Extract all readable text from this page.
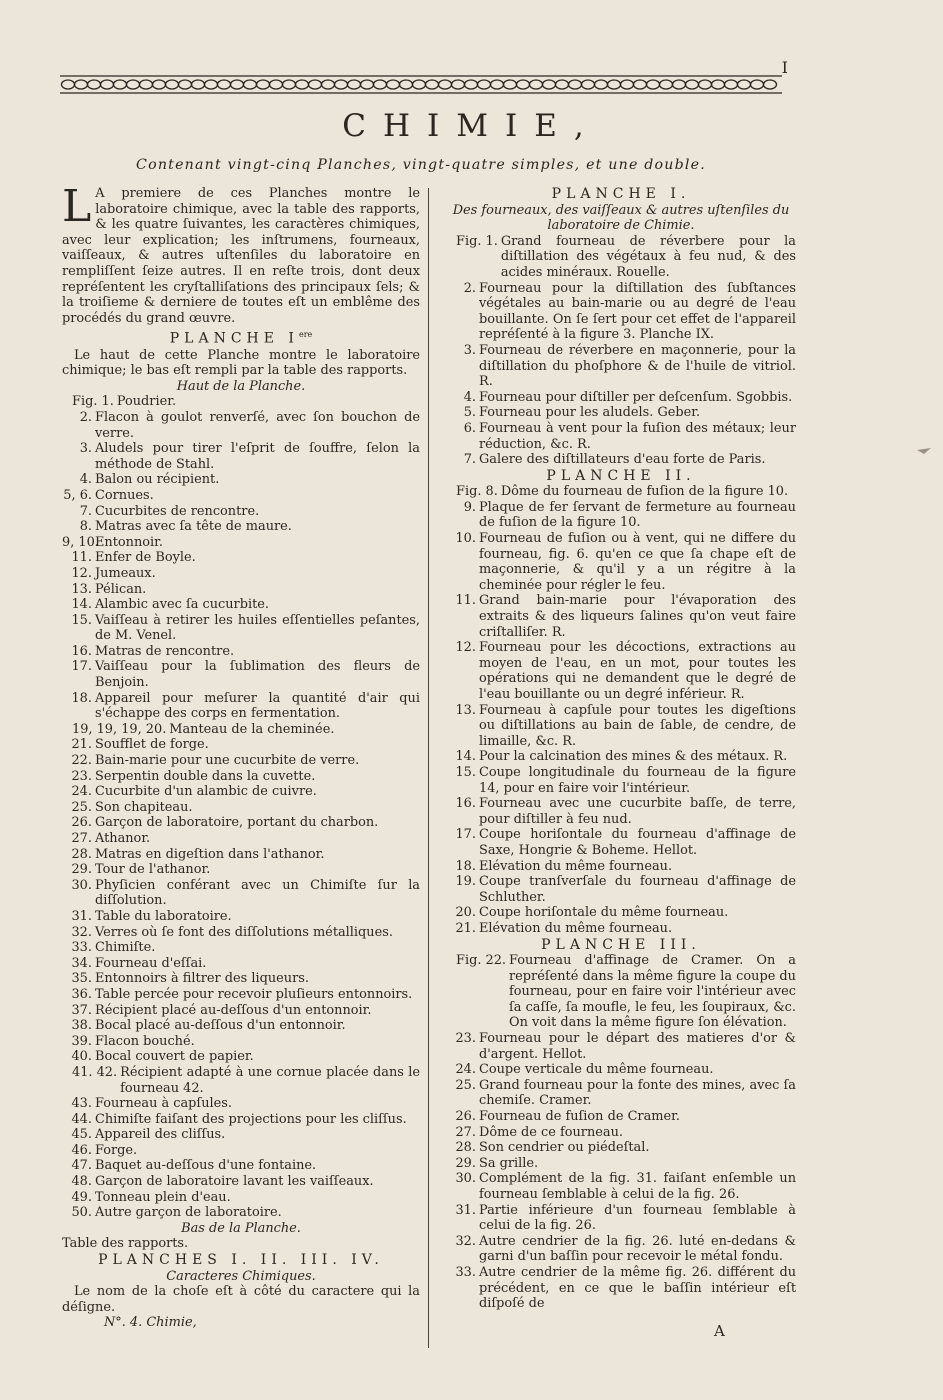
I
CHIMIE,
Contenant vingt-cinq Planches, vingt-quatre simples, et une double.

L A premiere de ces Planches montre le laboratoire chimique, avec la table des rapports, & les quatre ſuivantes, les caractères chimiques, avec leur explication; les inſtrumens, fourneaux, vaiſſeaux, & autres uſtenſiles du laboratoire en rempliſſent ſeize autres. Il en reſte trois, dont deux repréſentent les cryſtalliſations des principaux ſels; & la troiſieme & derniere de toutes eſt un emblême des procédés du grand œuvre.

PLANCHE Iere

Le haut de cette Planche montre le laboratoire chimique; le bas eſt rempli par la table des rapports.

Haut de la Planche.

Fig. 1. Poudrier.
2. Flacon à goulot renverſé, avec ſon bouchon de verre.
3. Aludels pour tirer l'eſprit de ſouffre, ſelon la méthode de Stahl.
4. Balon ou récipient.
5, 6. Cornues.
7. Cucurbites de rencontre.
8. Matras avec ſa tête de maure.
9, 10.
Entonnoir.
11. Enfer de Boyle.
12. Jumeaux.
13. Pélican.
14. Alambic avec ſa cucurbite.
15. Vaiſſeau à retirer les huiles eſſentielles peſantes, de M. Venel.
16. Matras de rencontre.
17. Vaiſſeau pour la ſublimation des fleurs de Benjoin.
18. Appareil pour meſurer la quantité d'air qui s'échappe des corps en fermentation.
19, 19, 19, 20. Manteau de la cheminée.
21. Soufflet de forge.
22. Bain-marie pour une cucurbite de verre.
23. Serpentin double dans la cuvette.
24. Cucurbite d'un alambic de cuivre.
25. Son chapiteau.
26. Garçon de laboratoire, portant du charbon.
27. Athanor.
28. Matras en digeſtion dans l'athanor.
29. Tour de l'athanor.
30. Phyſicien conférant avec un Chimiſte ſur la diſſolution.
31. Table du laboratoire.
32. Verres où ſe font des diſſolutions métalliques.
33. Chimiſte.
34. Fourneau d'eſſai.
35. Entonnoirs à filtrer des liqueurs.
36. Table percée pour recevoir pluſieurs entonnoirs.
37. Récipient placé au-deſſous d'un entonnoir.
38. Bocal placé au-deſſous d'un entonnoir.
39. Flacon bouché.
40. Bocal couvert de papier.
41. 42. Récipient adapté à une cornue placée dans le fourneau 42.
43. Fourneau à capſules.
44. Chimiſte faiſant des projections pour les cliſſus.
45. Appareil des cliſſus.
46. Forge.
47. Baquet au-deſſous d'une fontaine.
48. Garçon de laboratoire lavant les vaiſſeaux.
49. Tonneau plein d'eau.
50. Autre garçon de laboratoire.

Bas de la Planche.

Table des rapports.

PLANCHES I. II. III. IV.

Caracteres Chimiques.

Le nom de la choſe eſt à côté du caractere qui la déſigne.

N°. 4. Chimie,

PLANCHE I.

Des fourneaux, des vaiſſeaux & autres uſtenſiles du laboratoire de Chimie.

Fig. 1. Grand fourneau de réverbere pour la diſtillation des végétaux à feu nud, & des acides minéraux. Rouelle.
2. Fourneau pour la diſtillation des ſubſtances végétales au bain-marie ou au degré de l'eau bouillante. On ſe ſert pour cet effet de l'appareil repréſenté à la figure 3. Planche IX.
3. Fourneau de réverbere en maçonnerie, pour la diſtillation du phoſphore & de l'huile de vitriol. R.
4. Fourneau pour diſtiller per deſcenſum. Sgobbis.
5. Fourneau pour les aludels. Geber.
6. Fourneau à vent pour la fuſion des métaux; leur réduction, &c. R.
7. Galere des diſtillateurs d'eau forte de Paris.
PLANCHE II.
Fig. 8. Dôme du fourneau de fuſion de la figure 10.
9. Plaque de fer ſervant de fermeture au fourneau de fuſion de la figure 10.
10. Fourneau de fuſion ou à vent, qui ne differe du fourneau, fig. 6. qu'en ce que ſa chape eſt de maçonnerie, & qu'il y a un régitre à la cheminée pour régler le feu.
11. Grand bain-marie pour l'évaporation des extraits & des liqueurs ſalines qu'on veut faire criſtalliſer. R.
12. Fourneau pour les décoctions, extractions au moyen de l'eau, en un mot, pour toutes les opérations qui ne demandent que le degré de l'eau bouillante ou un degré inférieur. R.
13. Fourneau à capſule pour toutes les digeſtions ou diſtillations au bain de ſable, de cendre, de limaille, &c. R.
14. Pour la calcination des mines & des métaux. R.
15. Coupe longitudinale du fourneau de la figure 14, pour en faire voir l'intérieur.
16. Fourneau avec une cucurbite baſſe, de terre, pour diſtiller à feu nud.
17. Coupe horiſontale du fourneau d'affinage de Saxe, Hongrie & Boheme. Hellot.
18. Elévation du même fourneau.
19. Coupe tranſverſale du fourneau d'affinage de Schluther.
20. Coupe horiſontale du même fourneau.
21. Elévation du même fourneau.
PLANCHE III.
Fig. 22. Fourneau d'affinage de Cramer. On a repréſenté dans la même figure la coupe du fourneau, pour en faire voir l'intérieur avec ſa caſſe, ſa moufle, le feu, les ſoupiraux, &c. On voit dans la même figure ſon élévation.
23. Fourneau pour le départ des matieres d'or & d'argent. Hellot.
24. Coupe verticale du même fourneau.
25. Grand fourneau pour la fonte des mines, avec ſa chemiſe. Cramer.
26. Fourneau de fuſion de Cramer.
27. Dôme de ce fourneau.
28. Son cendrier ou piédeſtal.
29. Sa grille.
30. Complément de la fig. 31. faiſant enſemble un fourneau ſemblable à celui de la fig. 26.
31. Partie inférieure d'un fourneau ſemblable à celui de la fig. 26.
32. Autre cendrier de la fig. 26. luté en-dedans & garni d'un baſſin pour recevoir le métal fondu.
33. Autre cendrier de la même fig. 26. différent du précédent, en ce que le baſſin intérieur eſt diſpoſé de
A
